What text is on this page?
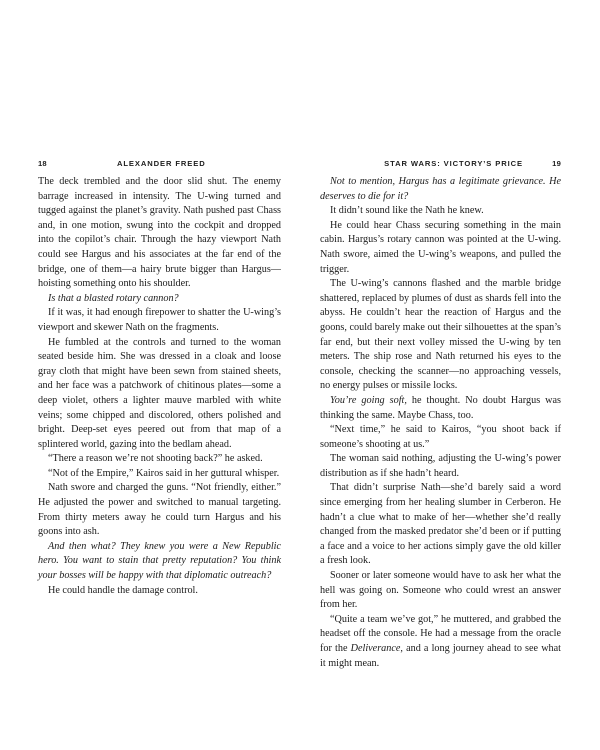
18	ALEXANDER FREED

The deck trembled and the door slid shut. The enemy barrage increased in intensity. The U-wing turned and tugged against the planet’s gravity. Nath pushed past Chass and, in one motion, swung into the cockpit and dropped into the copilot’s chair. Through the hazy viewport Nath could see Hargus and his associates at the far end of the bridge, one of them—a hairy brute bigger than Hargus—hoisting something onto his shoulder.

Is that a blasted rotary cannon?

If it was, it had enough firepower to shatter the U-wing’s viewport and skewer Nath on the fragments.

He fumbled at the controls and turned to the woman seated beside him. She was dressed in a cloak and loose gray cloth that might have been sewn from stained sheets, and her face was a patchwork of chitinous plates—some a deep violet, others a lighter mauve marbled with white veins; some chipped and discolored, others polished and bright. Deep-set eyes peered out from that map of a splintered world, gazing into the bedlam ahead.

“There a reason we’re not shooting back?” he asked.

“Not of the Empire,” Kairos said in her guttural whisper.

Nath swore and charged the guns. “Not friendly, either.” He adjusted the power and switched to manual targeting. From thirty meters away he could turn Hargus and his goons into ash.

And then what? They knew you were a New Republic hero. You want to stain that pretty reputation? You think your bosses will be happy with that diplomatic outreach?

He could handle the damage control.

STAR WARS: VICTORY’S PRICE	19

Not to mention, Hargus has a legitimate grievance. He deserves to die for it?

It didn’t sound like the Nath he knew.

He could hear Chass securing something in the main cabin. Hargus’s rotary cannon was pointed at the U-wing. Nath swore, aimed the U-wing’s weapons, and pulled the trigger.

The U-wing’s cannons flashed and the marble bridge shattered, replaced by plumes of dust as shards fell into the abyss. He couldn’t hear the reaction of Hargus and the goons, could barely make out their silhouettes at the span’s far end, but their next volley missed the U-wing by ten meters. The ship rose and Nath returned his eyes to the console, checking the scanner—no approaching vessels, no energy pulses or missile locks.

You’re going soft, he thought. No doubt Hargus was thinking the same. Maybe Chass, too.

“Next time,” he said to Kairos, “you shoot back if someone’s shooting at us.”

The woman said nothing, adjusting the U-wing’s power distribution as if she hadn’t heard.

That didn’t surprise Nath—she’d barely said a word since emerging from her healing slumber in Cerberon. He hadn’t a clue what to make of her—whether she’d really changed from the masked predator she’d been or if putting a face and a voice to her actions simply gave the old killer a fresh look.

Sooner or later someone would have to ask her what the hell was going on. Someone who could wrest an answer from her.

“Quite a team we’ve got,” he muttered, and grabbed the headset off the console. He had a message from the oracle for the Deliverance, and a long journey ahead to see what it might mean.
